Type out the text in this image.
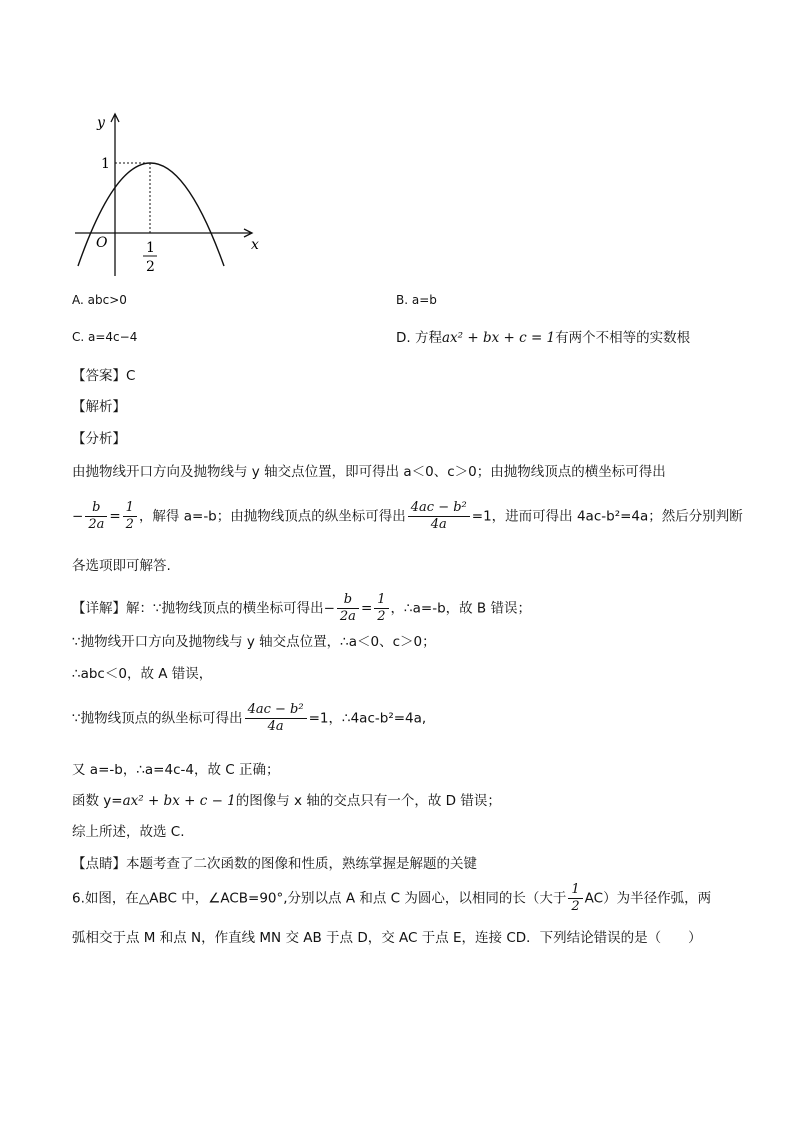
y
x
1
O	1
2
A. abc>0	B. a=b
C. a=4c−4	D. 方程ax² + bx + c = 1有两个不相等的实数根
【答案】C
【解析】
【分析】
由抛物线开口方向及抛物线与 y 轴交点位置，即可得出 a＜0、c＞0；由抛物线顶点的横坐标可得出
− $\frac{b}{2a} = \frac{1}{2}$ ，解得 a=-b；由抛物线顶点的纵坐标可得出 $\frac{\text{4ac − b²}}{4a} =1$，进而可得出 4ac-b²=4a；然后分别判断
各选项即可解答.
【详解】解：∵抛物线顶点的横坐标可得出− $\frac{b}{2a} = \frac{1}{2}$ ，∴a=-b，故 B 错误；
∵抛物线开口方向及抛物线与 y 轴交点位置，∴a＜0、c＞0；
∴abc＜0，故 A 错误，
∵抛物线顶点的纵坐标可得出 $\frac{\text{4ac − b²}}{4a} =1$，∴4ac-b²=4a,
又 a=-b，∴a=4c-4，故 C 正确；
函数 y=ax² + bx + c − 1的图像与 x 轴的交点只有一个，故 D 错误；
综上所述，故选 C.
【点睛】本题考查了二次函数的图像和性质，熟练掌握是解题的关键
6.如图，在△ABC 中，∠ACB=90°,分别以点 A 和点 C 为圆心，以相同的长（大于 $\frac{1}{2} AC$）为半径作弧，两
弧相交于点 M 和点 N，作直线 MN 交 AB 于点 D，交 AC 于点 E，连接 CD．下列结论错误的是（　　）
